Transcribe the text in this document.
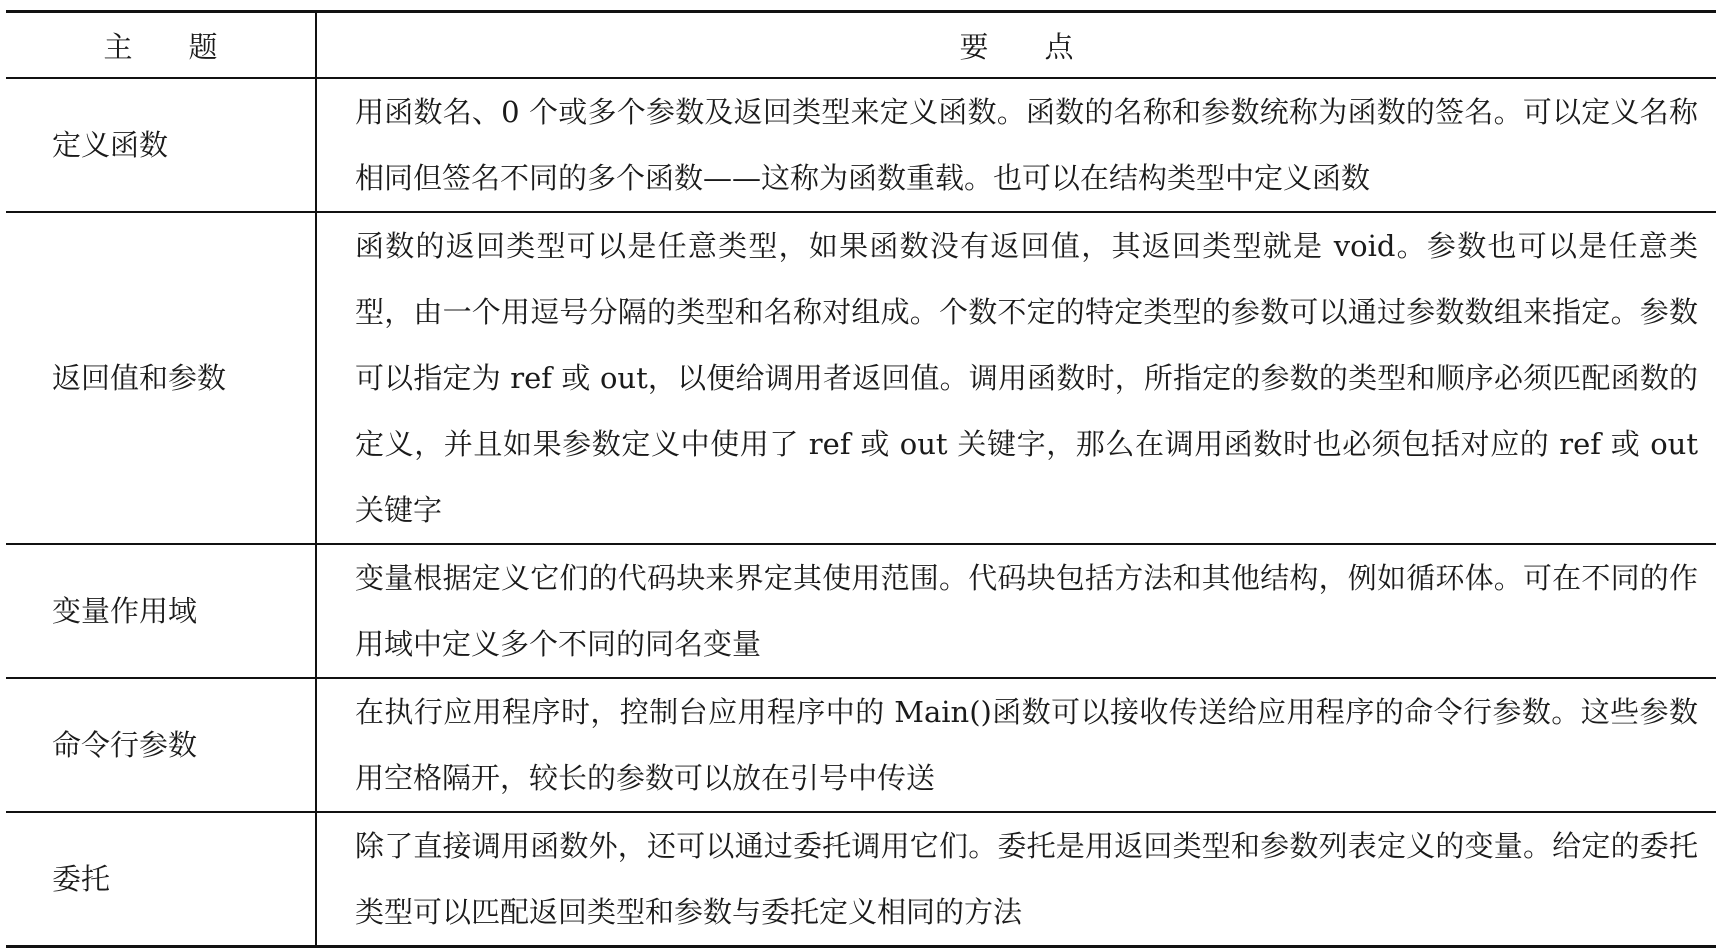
主题	要点
定义函数	用函数名、0 个或多个参数及返回类型来定义函数。函数的名称和参数统称为函数的签名。可以定义名称相同但签名不同的多个函数——这称为函数重载。也可以在结构类型中定义函数
返回值和参数	函数的返回类型可以是任意类型，如果函数没有返回值，其返回类型就是 void。参数也可以是任意类型，由一个用逗号分隔的类型和名称对组成。个数不定的特定类型的参数可以通过参数数组来指定。参数可以指定为 ref 或 out，以便给调用者返回值。调用函数时，所指定的参数的类型和顺序必须匹配函数的定义，并且如果参数定义中使用了 ref 或 out 关键字，那么在调用函数时也必须包括对应的 ref 或 out 关键字
变量作用域	变量根据定义它们的代码块来界定其使用范围。代码块包括方法和其他结构，例如循环体。可在不同的作用域中定义多个不同的同名变量
命令行参数	在执行应用程序时，控制台应用程序中的 Main()函数可以接收传送给应用程序的命令行参数。这些参数用空格隔开，较长的参数可以放在引号中传送
委托	除了直接调用函数外，还可以通过委托调用它们。委托是用返回类型和参数列表定义的变量。给定的委托类型可以匹配返回类型和参数与委托定义相同的方法
